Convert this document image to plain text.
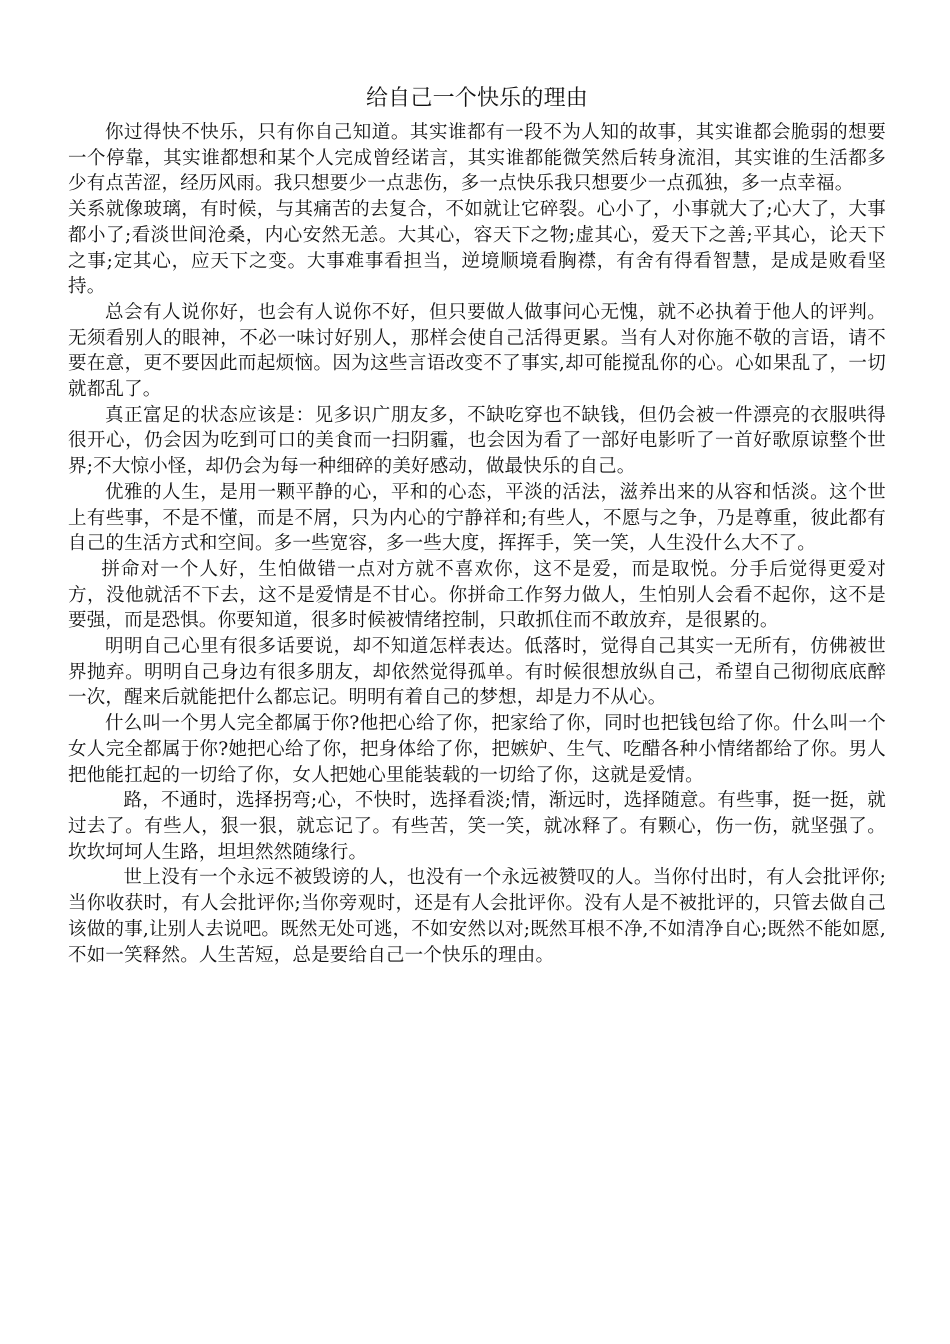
给自己一个快乐的理由

你过得快不快乐，只有你自己知道。其实谁都有一段不为人知的故事，其实谁都会脆弱的想要一个停靠，其实谁都想和某个人完成曾经诺言，其实谁都能微笑然后转身流泪，其实谁的生活都多少有点苦涩，经历风雨。我只想要少一点悲伤，多一点快乐我只想要少一点孤独，多一点幸福。

关系就像玻璃，有时候，与其痛苦的去复合，不如就让它碎裂。心小了，小事就大了;心大了，大事都小了;看淡世间沧桑，内心安然无恙。大其心，容天下之物;虚其心，爱天下之善;平其心，论天下之事;定其心，应天下之变。大事难事看担当，逆境顺境看胸襟，有舍有得看智慧，是成是败看坚持。

总会有人说你好，也会有人说你不好，但只要做人做事问心无愧，就不必执着于他人的评判。无须看别人的眼神，不必一味讨好别人，那样会使自己活得更累。当有人对你施不敬的言语，请不要在意，更不要因此而起烦恼。因为这些言语改变不了事实,却可能搅乱你的心。心如果乱了，一切就都乱了。

真正富足的状态应该是：见多识广朋友多，不缺吃穿也不缺钱，但仍会被一件漂亮的衣服哄得很开心，仍会因为吃到可口的美食而一扫阴霾，也会因为看了一部好电影听了一首好歌原谅整个世界;不大惊小怪，却仍会为每一种细碎的美好感动，做最快乐的自己。

优雅的人生，是用一颗平静的心，平和的心态，平淡的活法，滋养出来的从容和恬淡。这个世上有些事，不是不懂，而是不屑，只为内心的宁静祥和;有些人，不愿与之争，乃是尊重，彼此都有自己的生活方式和空间。多一些宽容，多一些大度，挥挥手，笑一笑，人生没什么大不了。

拼命对一个人好，生怕做错一点对方就不喜欢你，这不是爱，而是取悦。分手后觉得更爱对方，没他就活不下去，这不是爱情是不甘心。你拼命工作努力做人，生怕别人会看不起你，这不是要强，而是恐惧。你要知道，很多时候被情绪控制，只敢抓住而不敢放弃，是很累的。

明明自己心里有很多话要说，却不知道怎样表达。低落时，觉得自己其实一无所有，仿佛被世界抛弃。明明自己身边有很多朋友，却依然觉得孤单。有时候很想放纵自己，希望自己彻彻底底醉一次，醒来后就能把什么都忘记。明明有着自己的梦想，却是力不从心。

什么叫一个男人完全都属于你?他把心给了你，把家给了你，同时也把钱包给了你。什么叫一个女人完全都属于你?她把心给了你，把身体给了你，把嫉妒、生气、吃醋各种小情绪都给了你。男人把他能扛起的一切给了你，女人把她心里能装载的一切给了你，这就是爱情。

路，不通时，选择拐弯;心，不快时，选择看淡;情，渐远时，选择随意。有些事，挺一挺，就过去了。有些人，狠一狠，就忘记了。有些苦，笑一笑，就冰释了。有颗心，伤一伤，就坚强了。坎坎坷坷人生路，坦坦然然随缘行。

世上没有一个永远不被毁谤的人，也没有一个永远被赞叹的人。当你付出时，有人会批评你;当你收获时，有人会批评你;当你旁观时，还是有人会批评你。没有人是不被批评的，只管去做自己该做的事,让别人去说吧。既然无处可逃，不如安然以对;既然耳根不净,不如清净自心;既然不能如愿,不如一笑释然。人生苦短，总是要给自己一个快乐的理由。
